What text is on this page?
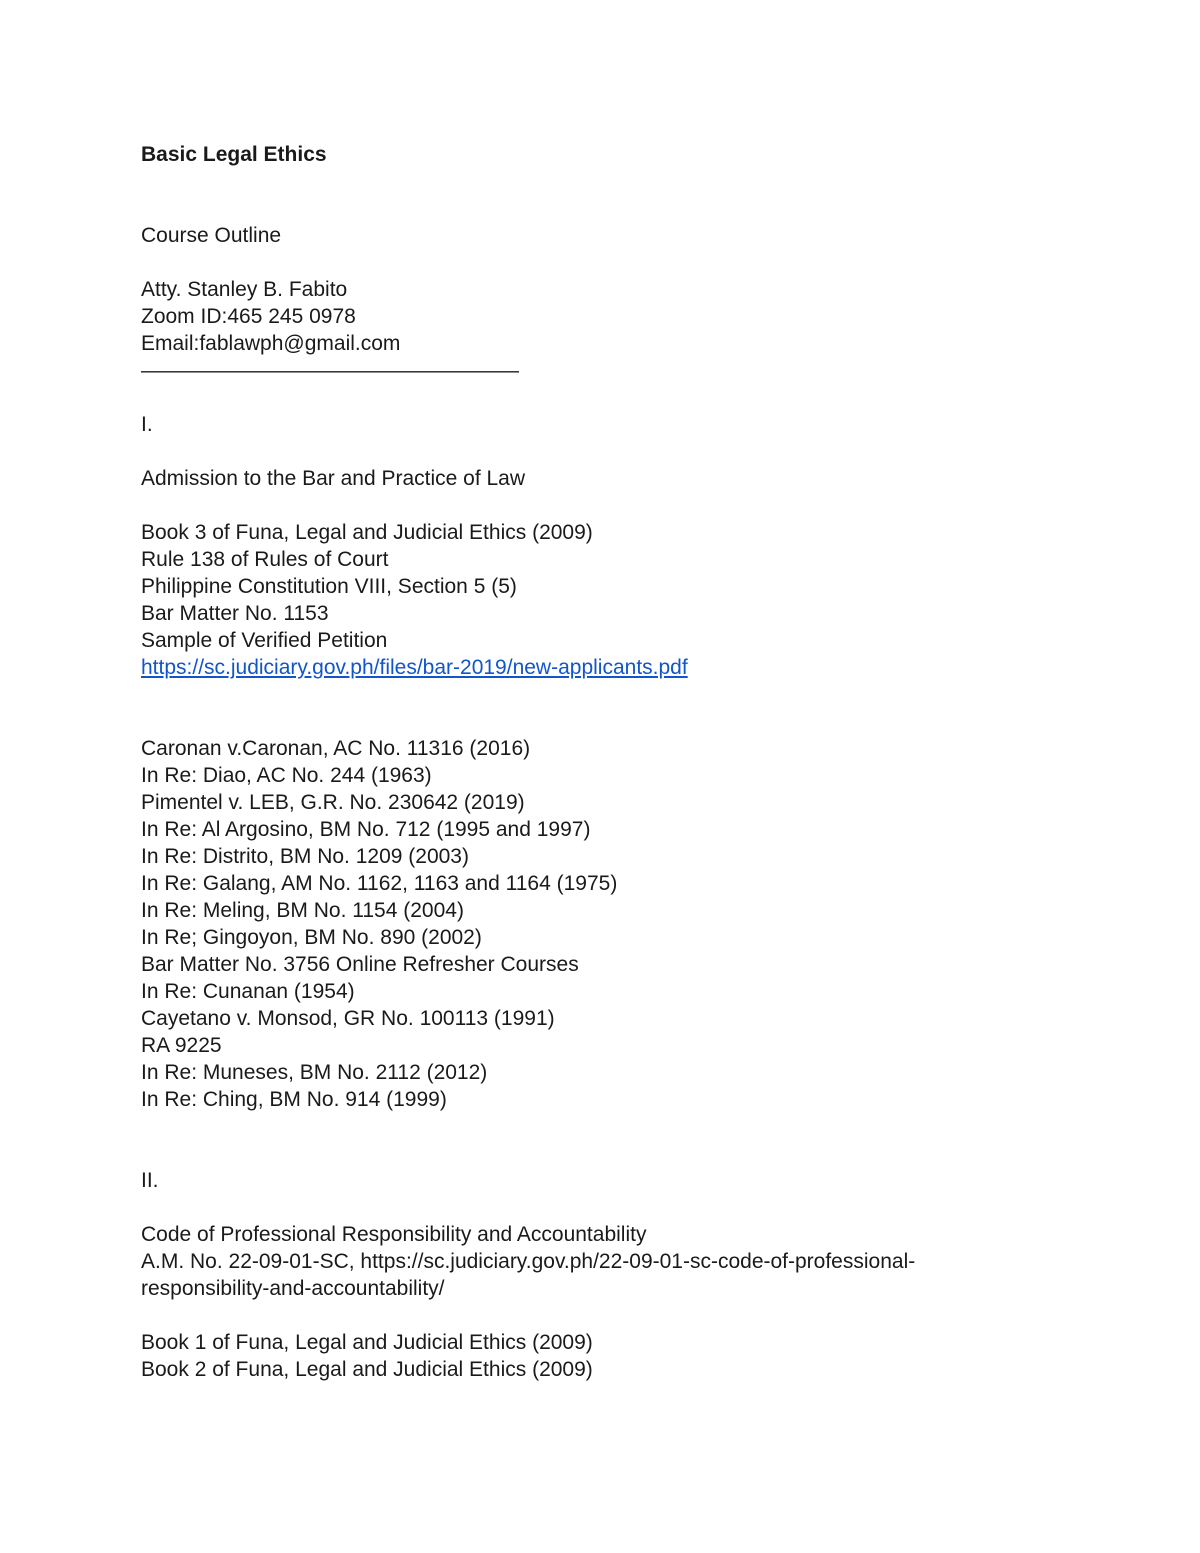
Basic Legal Ethics

Course Outline
Atty. Stanley B. Fabito
Zoom ID:465 245 0978
Email:fablawph@gmail.com
——————————————————
I.
Admission to the Bar and Practice of Law
Book 3 of Funa, Legal and Judicial Ethics (2009)
Rule 138 of Rules of Court
Philippine Constitution VIII, Section 5 (5)
Bar Matter No. 1153
Sample of Verified Petition
https://sc.judiciary.gov.ph/files/bar-2019/new-applicants.pdf
Caronan v.Caronan, AC No. 11316 (2016)
In Re: Diao, AC No. 244 (1963)
Pimentel v. LEB, G.R. No. 230642 (2019)
In Re: Al Argosino, BM No. 712 (1995 and 1997)
In Re: Distrito, BM No. 1209 (2003)
In Re: Galang, AM No. 1162, 1163 and 1164 (1975)
In Re: Meling, BM No. 1154 (2004)
In Re; Gingoyon, BM No. 890 (2002)
Bar Matter No. 3756 Online Refresher Courses
In Re: Cunanan (1954)
Cayetano v. Monsod, GR No. 100113 (1991)
RA 9225
In Re: Muneses, BM No. 2112 (2012)
In Re: Ching, BM No. 914 (1999)
II.
Code of Professional Responsibility and Accountability
A.M. No. 22-09-01-SC, https://sc.judiciary.gov.ph/22-09-01-sc-code-of-professional-responsibility-and-accountability/
Book 1 of Funa, Legal and Judicial Ethics (2009)
Book 2 of Funa, Legal and Judicial Ethics (2009)
